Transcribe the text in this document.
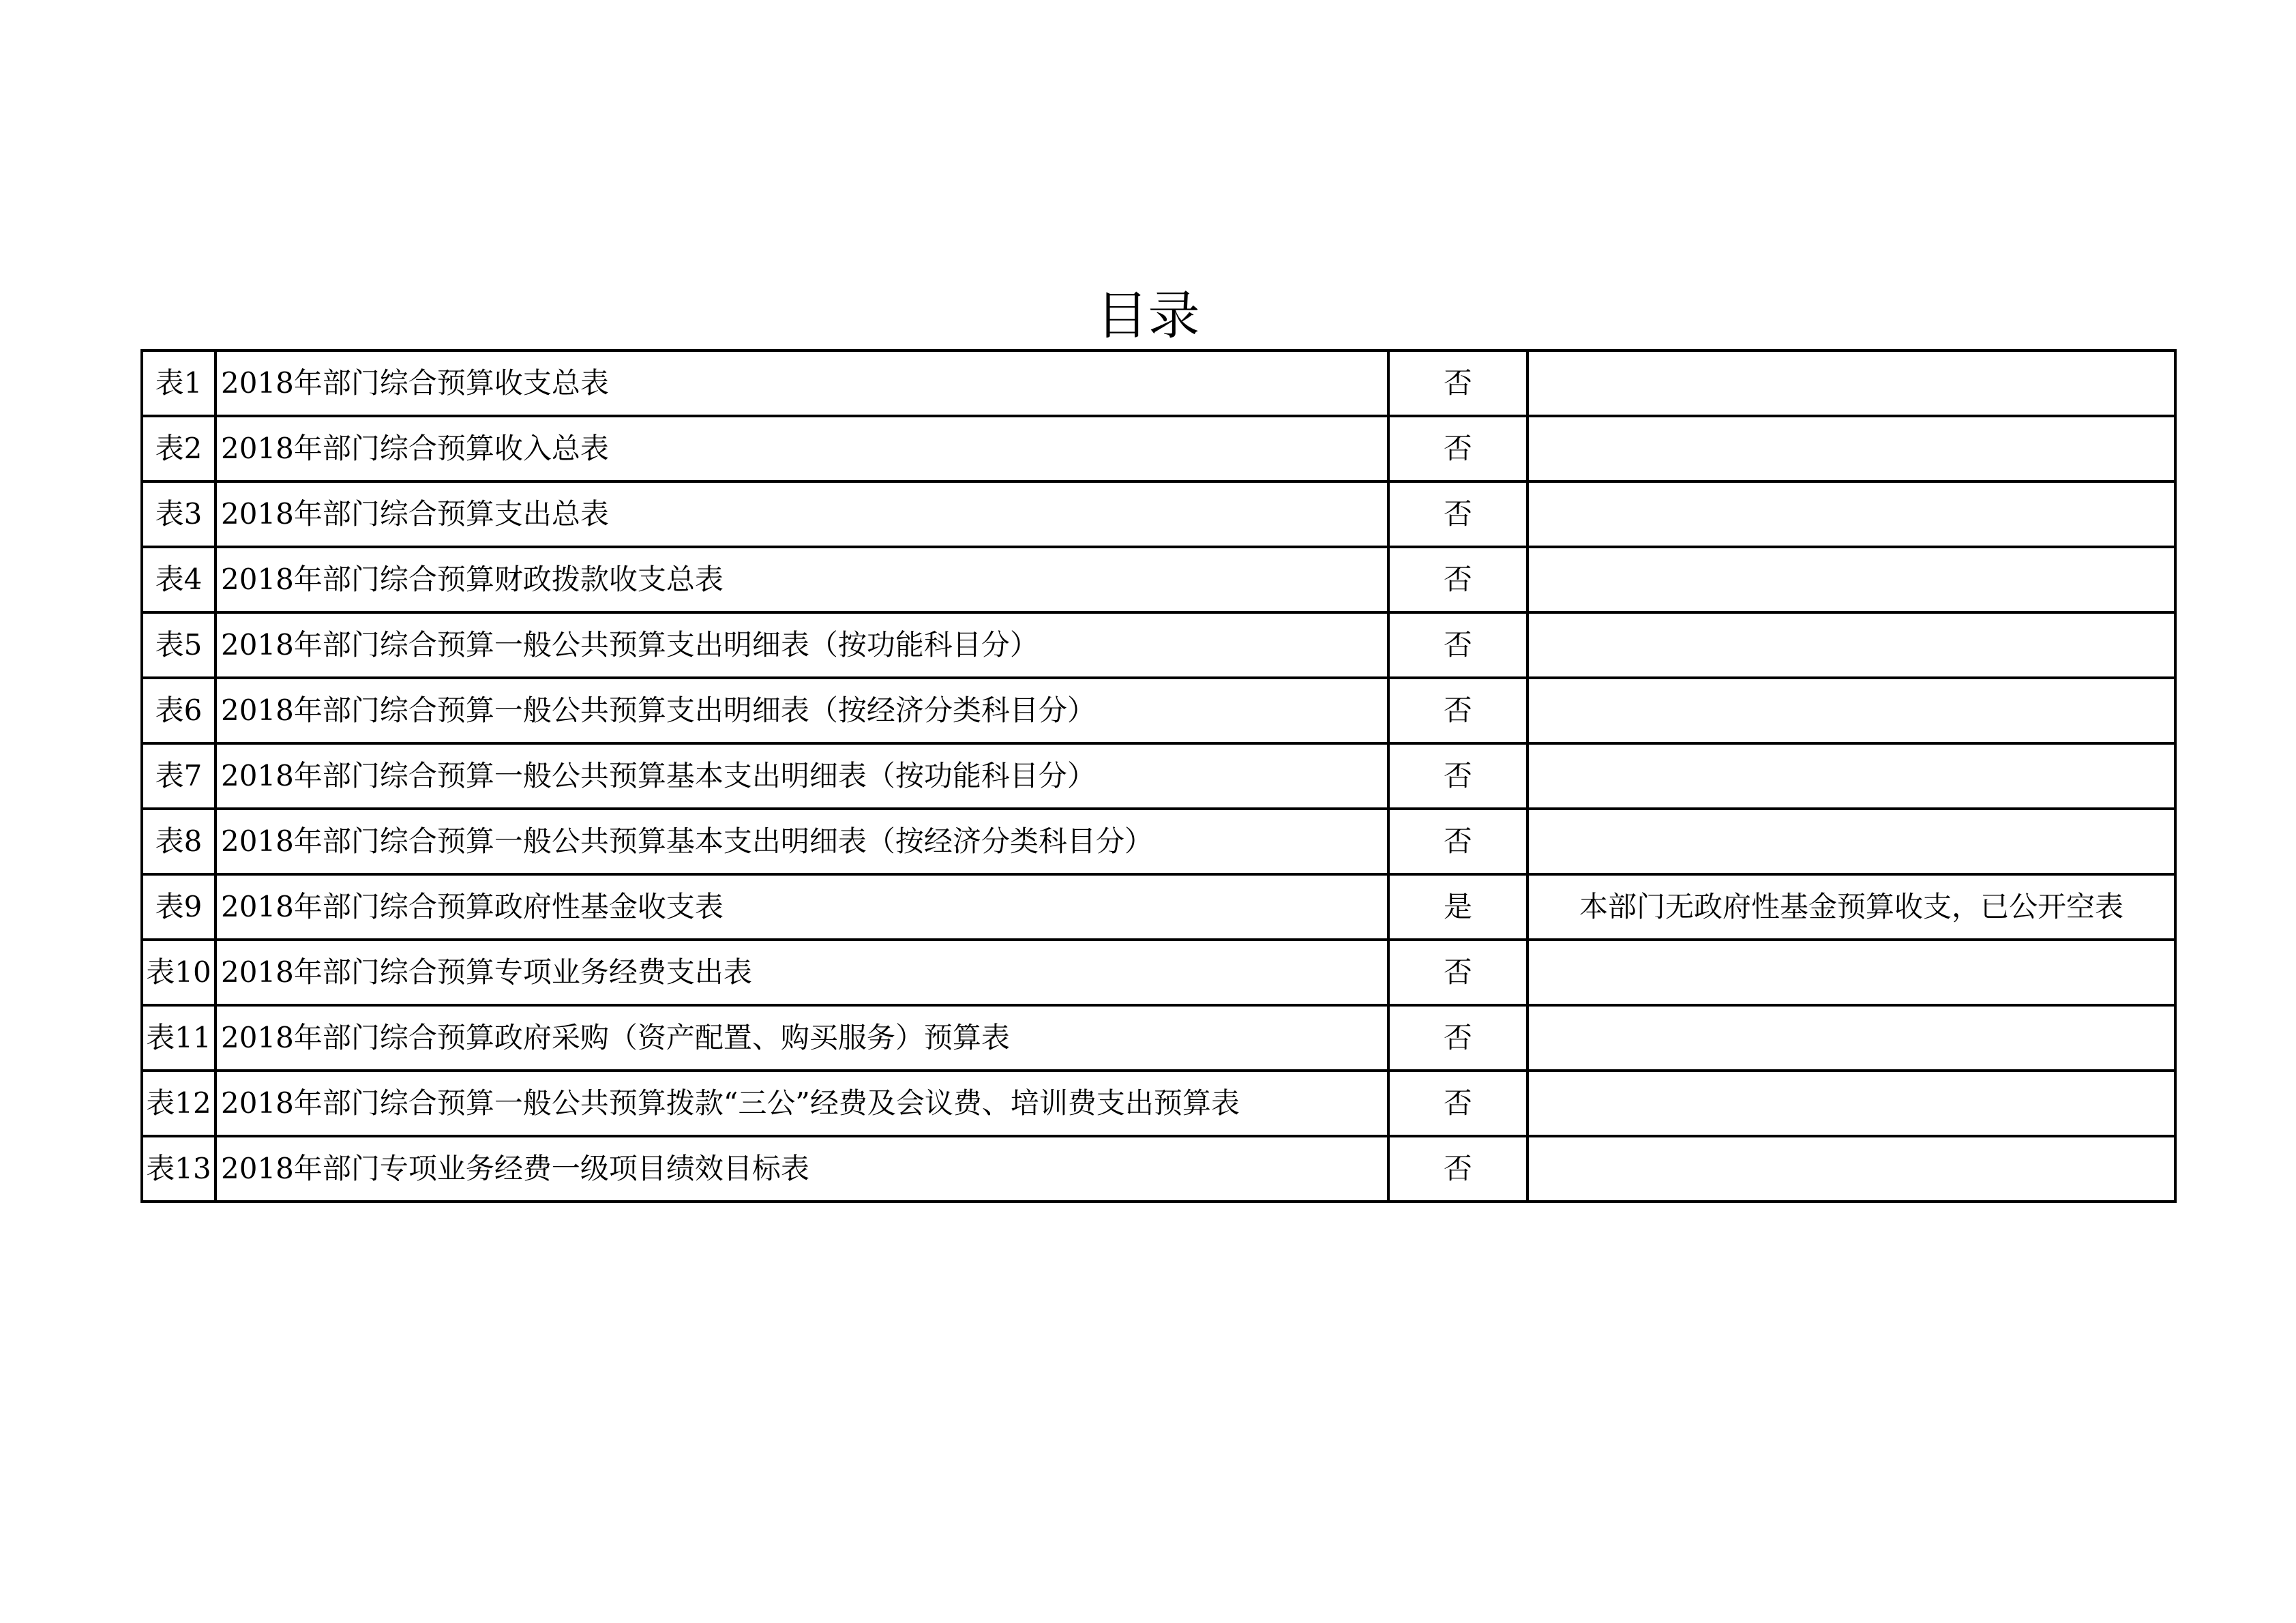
目录
表1	2018年部门综合预算收支总表	否	
表2	2018年部门综合预算收入总表	否	
表3	2018年部门综合预算支出总表	否	
表4	2018年部门综合预算财政拨款收支总表	否	
表5	2018年部门综合预算一般公共预算支出明细表（按功能科目分）	否	
表6	2018年部门综合预算一般公共预算支出明细表（按经济分类科目分）	否	
表7	2018年部门综合预算一般公共预算基本支出明细表（按功能科目分）	否	
表8	2018年部门综合预算一般公共预算基本支出明细表（按经济分类科目分）	否	
表9	2018年部门综合预算政府性基金收支表	是	本部门无政府性基金预算收支，已公开空表
表10	2018年部门综合预算专项业务经费支出表	否	
表11	2018年部门综合预算政府采购（资产配置、购买服务）预算表	否	
表12	2018年部门综合预算一般公共预算拨款“三公”经费及会议费、培训费支出预算表	否	
表13	2018年部门专项业务经费一级项目绩效目标表	否	
